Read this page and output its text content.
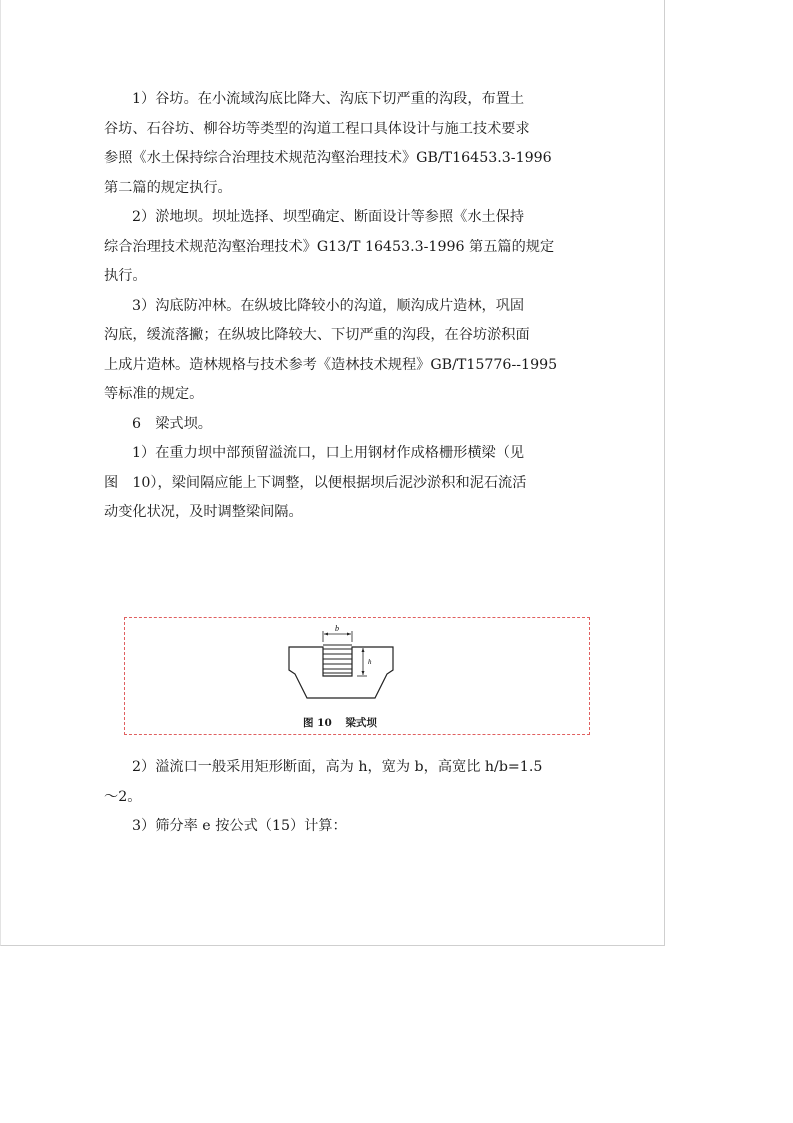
1）谷坊。在小流域沟底比降大、沟底下切严重的沟段，布置土
谷坊、石谷坊、柳谷坊等类型的沟道工程口具体设计与施工技术要求
参照《水土保持综合治理技术规范沟壑治理技术》GB/T16453.3-1996
第二篇的规定执行。

2）淤地坝。坝址选择、坝型确定、断面设计等参照《水土保持
综合治理技术规范沟壑治理技术》G13/T 16453.3-1996 第五篇的规定
执行。

3）沟底防冲林。在纵坡比降较小的沟道，顺沟成片造林，巩固
沟底，缓流落撇；在纵坡比降较大、下切严重的沟段，在谷坊淤积面
上成片造林。造林规格与技术参考《造林技术规程》GB/T15776--1995
等标准的规定。

6　梁式坝。

1）在重力坝中部预留溢流口，口上用钢材作成格栅形横梁（见
图　10），梁间隔应能上下调整，以便根据坝后泥沙淤积和泥石流活
动变化状况，及时调整梁间隔。

b
h
图 10 梁式坝

2）溢流口一般采用矩形断面，高为 h，宽为 b，高宽比 h/b=1.5
～2。

3）筛分率 e 按公式（15）计算：
